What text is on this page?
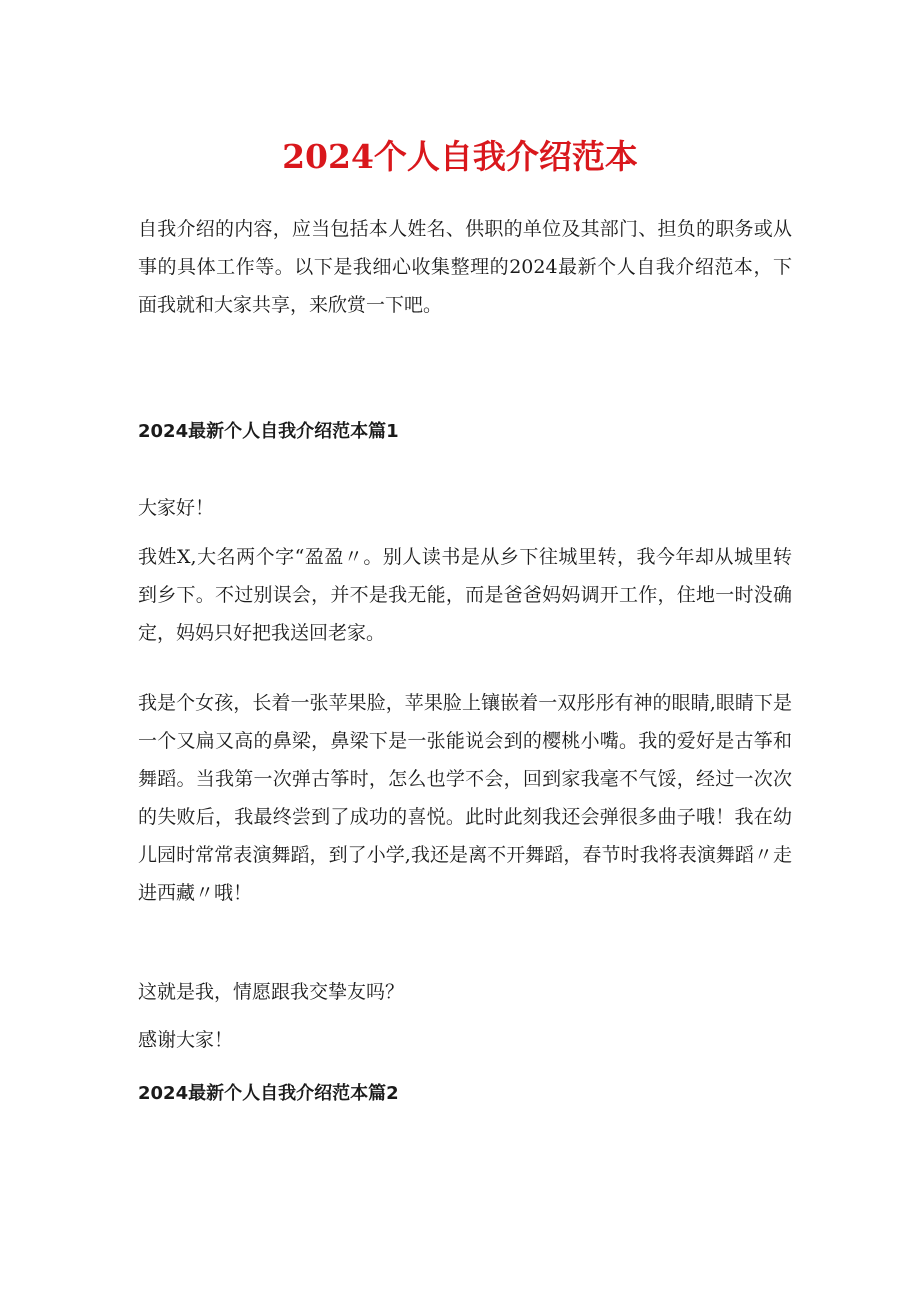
2024个人自我介绍范本

自我介绍的内容，应当包括本人姓名、供职的单位及其部门、担负的职务或从事的具体工作等。以下是我细心收集整理的2024最新个人自我介绍范本，下面我就和大家共享，来欣赏一下吧。

2024最新个人自我介绍范本篇1

大家好！

我姓X,大名两个字“盈盈〃。别人读书是从乡下往城里转，我今年却从城里转到乡下。不过别误会，并不是我无能，而是爸爸妈妈调开工作，住地一时没确定，妈妈只好把我送回老家。

我是个女孩，长着一张苹果脸，苹果脸上镶嵌着一双彤彤有神的眼睛,眼睛下是一个又扁又高的鼻梁，鼻梁下是一张能说会到的樱桃小嘴。我的爱好是古筝和舞蹈。当我第一次弹古筝时，怎么也学不会，回到家我毫不气馁，经过一次次的失败后，我最终尝到了成功的喜悦。此时此刻我还会弹很多曲子哦！我在幼儿园时常常表演舞蹈，到了小学,我还是离不开舞蹈，春节时我将表演舞蹈〃走进西藏〃哦！

这就是我，情愿跟我交挚友吗？

感谢大家！

2024最新个人自我介绍范本篇2
